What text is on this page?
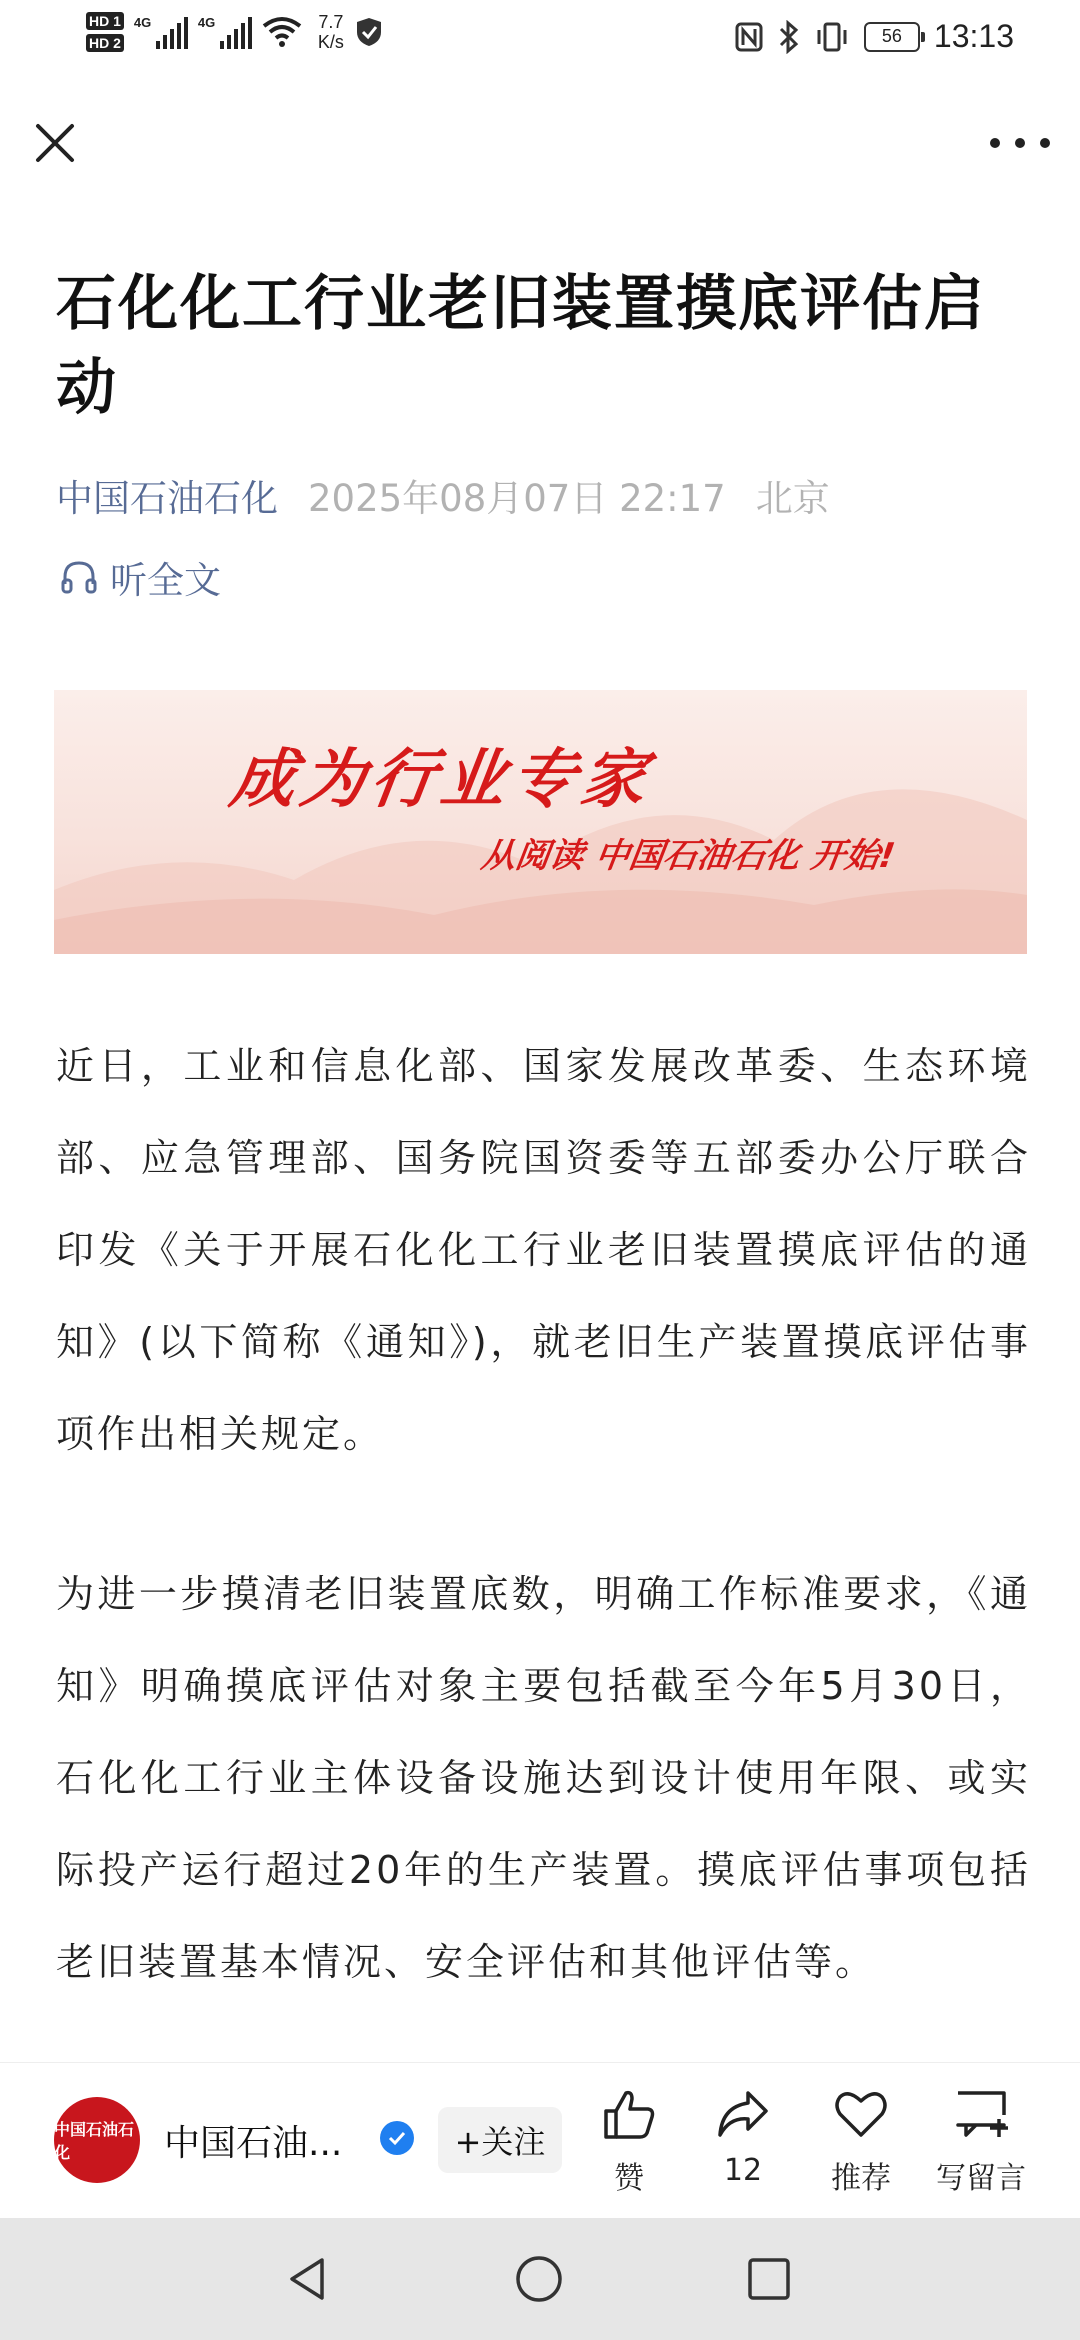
HD 1
HD 2
4G	4G	7.7
K/s	56 13:13
石化化工行业老旧装置摸底评估启动
中国石油石化 2025年08月07日 22:17 北京
听全文
成为行业专家
从阅读 中国石油石化 开始!

近日，工业和信息化部、国家发展改革委、生态环境部、应急管理部、国务院国资委等五部委办公厅联合印发《关于开展石化化工行业老旧装置摸底评估的通知》(以下简称《通知》)，就老旧生产装置摸底评估事项作出相关规定。

为进一步摸清老旧装置底数，明确工作标准要求，《通知》明确摸底评估对象主要包括截至今年5月30日，石化化工行业主体设备设施达到设计使用年限、或实际投产运行超过20年的生产装置。摸底评估事项包括老旧装置基本情况、安全评估和其他评估等。

中国石油石化	中国石油...	+关注
赞	12 推荐 写留言
